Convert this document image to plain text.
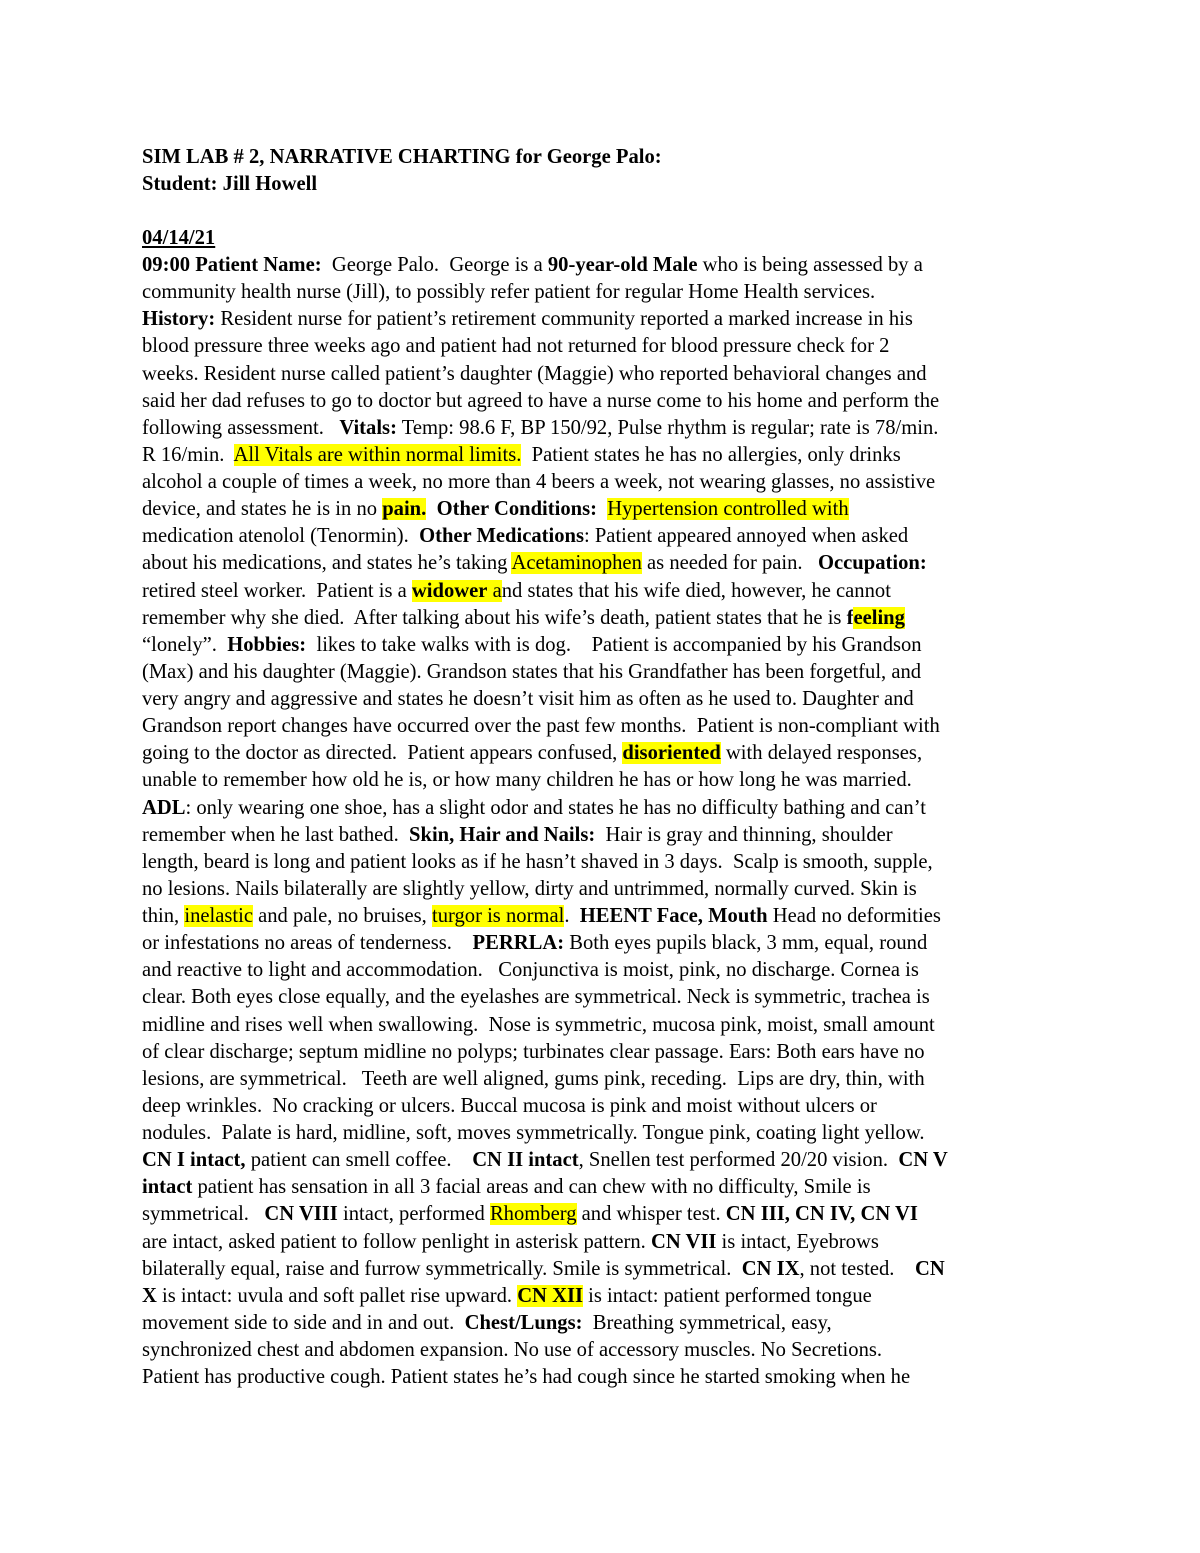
SIM LAB # 2, NARRATIVE CHARTING for George Palo:
Student: Jill Howell
04/14/21
09:00 Patient Name:  George Palo.  George is a 90-year-old Male who is being assessed by a
community health nurse (Jill), to possibly refer patient for regular Home Health services.
History: Resident nurse for patient’s retirement community reported a marked increase in his
blood pressure three weeks ago and patient had not returned for blood pressure check for 2
weeks. Resident nurse called patient’s daughter (Maggie) who reported behavioral changes and
said her dad refuses to go to doctor but agreed to have a nurse come to his home and perform the
following assessment.   Vitals: Temp: 98.6 F, BP 150/92, Pulse rhythm is regular; rate is 78/min.
R 16/min.  All Vitals are within normal limits.  Patient states he has no allergies, only drinks
alcohol a couple of times a week, no more than 4 beers a week, not wearing glasses, no assistive
device, and states he is in no pain. Other Conditions: Hypertension controlled with
medication atenolol (Tenormin).  Other Medications: Patient appeared annoyed when asked
about his medications, and states he’s taking Acetaminophen as needed for pain.   Occupation:
retired steel worker.  Patient is a widower and states that his wife died, however, he cannot
remember why she died.  After talking about his wife’s death, patient states that he is feeling
“lonely”.  Hobbies:  likes to take walks with is dog.    Patient is accompanied by his Grandson
(Max) and his daughter (Maggie). Grandson states that his Grandfather has been forgetful, and
very angry and aggressive and states he doesn’t visit him as often as he used to. Daughter and
Grandson report changes have occurred over the past few months.  Patient is non-compliant with
going to the doctor as directed.  Patient appears confused, disoriented with delayed responses,
unable to remember how old he is, or how many children he has or how long he was married.
ADL: only wearing one shoe, has a slight odor and states he has no difficulty bathing and can’t
remember when he last bathed.  Skin, Hair and Nails:  Hair is gray and thinning, shoulder
length, beard is long and patient looks as if he hasn’t shaved in 3 days.  Scalp is smooth, supple,
no lesions. Nails bilaterally are slightly yellow, dirty and untrimmed, normally curved. Skin is
thin, inelastic and pale, no bruises, turgor is normal.  HEENT Face, Mouth Head no deformities
or infestations no areas of tenderness.    PERRLA: Both eyes pupils black, 3 mm, equal, round
and reactive to light and accommodation.   Conjunctiva is moist, pink, no discharge. Cornea is
clear. Both eyes close equally, and the eyelashes are symmetrical. Neck is symmetric, trachea is
midline and rises well when swallowing.  Nose is symmetric, mucosa pink, moist, small amount
of clear discharge; septum midline no polyps; turbinates clear passage. Ears: Both ears have no
lesions, are symmetrical.   Teeth are well aligned, gums pink, receding.  Lips are dry, thin, with
deep wrinkles.  No cracking or ulcers. Buccal mucosa is pink and moist without ulcers or
nodules.  Palate is hard, midline, soft, moves symmetrically. Tongue pink, coating light yellow.
CN I intact, patient can smell coffee.    CN II intact, Snellen test performed 20/20 vision.  CN V
intact patient has sensation in all 3 facial areas and can chew with no difficulty, Smile is
symmetrical.   CN VIII intact, performed Rhomberg and whisper test. CN III, CN IV, CN VI
are intact, asked patient to follow penlight in asterisk pattern. CN VII is intact, Eyebrows
bilaterally equal, raise and furrow symmetrically. Smile is symmetrical.  CN IX, not tested.    CN
X is intact: uvula and soft pallet rise upward. CN XII is intact: patient performed tongue
movement side to side and in and out.  Chest/Lungs:  Breathing symmetrical, easy,
synchronized chest and abdomen expansion. No use of accessory muscles. No Secretions.
Patient has productive cough. Patient states he’s had cough since he started smoking when he
